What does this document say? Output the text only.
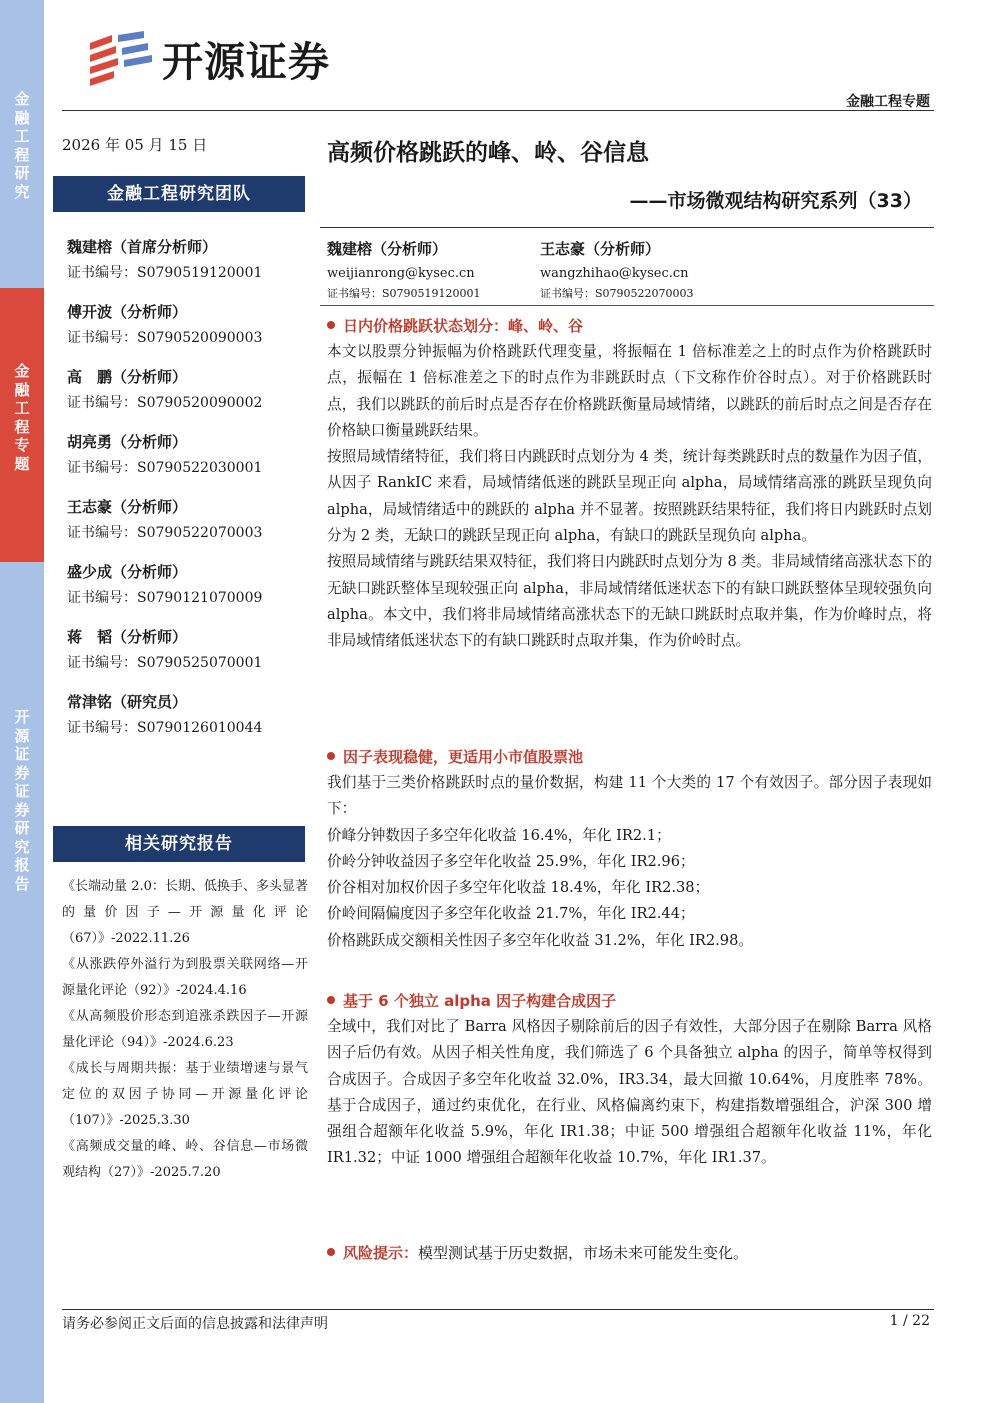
金融工程研究
金融工程专题
开源证券 证券研究报告
开源证券
金融工程专题
2026 年 05 月 15 日
金融工程研究团队
魏建榕（首席分析师）
证书编号：S0790519120001
傅开波（分析师）
证书编号：S0790520090003
高　鹏（分析师）
证书编号：S0790520090002
胡亮勇（分析师）
证书编号：S0790522030001
王志豪（分析师）
证书编号：S0790522070003
盛少成（分析师）
证书编号：S0790121070009
蒋　韬（分析师）
证书编号：S0790525070001
常津铭（研究员）
证书编号：S0790126010044
相关研究报告
《长端动量 2.0：长期、低换手、多头显著的量价因子—开源量化评论（67）》-2022.11.26
《从涨跌停外溢行为到股票关联网络—开源量化评论（92）》-2024.4.16
《从高频股价形态到追涨杀跌因子—开源量化评论（94）》-2024.6.23
《成长与周期共振：基于业绩增速与景气定位的双因子协同—开源量化评论（107）》-2025.3.30
《高频成交量的峰、岭、谷信息—市场微观结构（27）》-2025.7.20
高频价格跳跃的峰、岭、谷信息
——市场微观结构研究系列（33）
魏建榕（分析师）
weijianrong@kysec.cn
证书编号：S0790519120001
王志豪（分析师）
wangzhihao@kysec.cn
证书编号：S0790522070003
日内价格跳跃状态划分：峰、岭、谷
本文以股票分钟振幅为价格跳跃代理变量，将振幅在 1 倍标准差之上的时点作为价格跳跃时点，振幅在 1 倍标准差之下的时点作为非跳跃时点（下文称作价谷时点）。对于价格跳跃时点，我们以跳跃的前后时点是否存在价格跳跃衡量局域情绪，以跳跃的前后时点之间是否存在价格缺口衡量跳跃结果。
按照局域情绪特征，我们将日内跳跃时点划分为 4 类，统计每类跳跃时点的数量作为因子值，从因子 RankIC 来看，局域情绪低迷的跳跃呈现正向 alpha，局域情绪高涨的跳跃呈现负向 alpha，局域情绪适中的跳跃的 alpha 并不显著。按照跳跃结果特征，我们将日内跳跃时点划分为 2 类，无缺口的跳跃呈现正向 alpha，有缺口的跳跃呈现负向 alpha。
按照局域情绪与跳跃结果双特征，我们将日内跳跃时点划分为 8 类。非局域情绪高涨状态下的无缺口跳跃整体呈现较强正向 alpha，非局域情绪低迷状态下的有缺口跳跃整体呈现较强负向 alpha。本文中，我们将非局域情绪高涨状态下的无缺口跳跃时点取并集，作为价峰时点，将非局域情绪低迷状态下的有缺口跳跃时点取并集，作为价岭时点。
因子表现稳健，更适用小市值股票池
我们基于三类价格跳跃时点的量价数据，构建 11 个大类的 17 个有效因子。部分因子表现如下：
价峰分钟数因子多空年化收益 16.4%，年化 IR2.1；
价岭分钟收益因子多空年化收益 25.9%，年化 IR2.96；
价谷相对加权价因子多空年化收益 18.4%，年化 IR2.38；
价岭间隔偏度因子多空年化收益 21.7%，年化 IR2.44；
价格跳跃成交额相关性因子多空年化收益 31.2%，年化 IR2.98。
基于 6 个独立 alpha 因子构建合成因子
全域中，我们对比了 Barra 风格因子剔除前后的因子有效性，大部分因子在剔除 Barra 风格因子后仍有效。从因子相关性角度，我们筛选了 6 个具备独立 alpha 的因子，简单等权得到合成因子。合成因子多空年化收益 32.0%，IR3.34，最大回撤 10.64%，月度胜率 78%。基于合成因子，通过约束优化，在行业、风格偏离约束下，构建指数增强组合，沪深 300 增强组合超额年化收益 5.9%，年化 IR1.38；中证 500 增强组合超额年化收益 11%，年化 IR1.32；中证 1000 增强组合超额年化收益 10.7%，年化 IR1.37。
风险提示：模型测试基于历史数据，市场未来可能发生变化。
请务必参阅正文后面的信息披露和法律声明	1 / 22
